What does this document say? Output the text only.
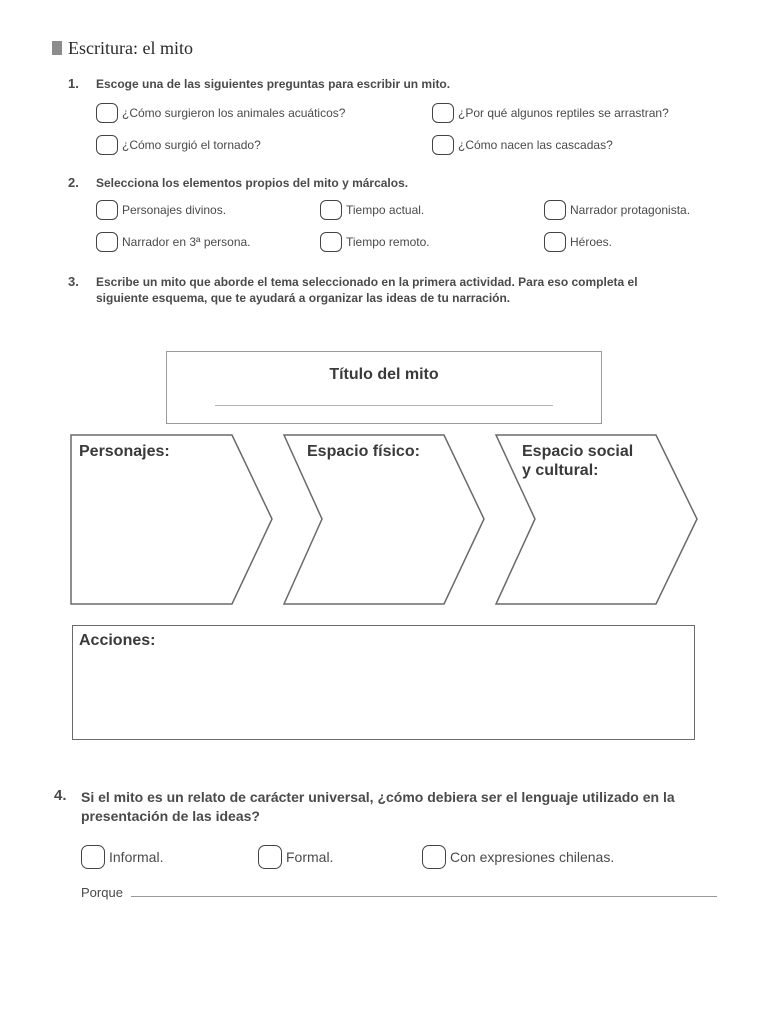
Escritura: el mito
1. Escoge una de las siguientes preguntas para escribir un mito.
¿Cómo surgieron los animales acuáticos?	¿Por qué algunos reptiles se arrastran?
¿Cómo surgió el tornado?	¿Cómo nacen las cascadas?
2. Selecciona los elementos propios del mito y márcalos.
Personajes divinos.	Tiempo actual.	Narrador protagonista.
Narrador en 3ª persona.	Tiempo remoto.	Héroes.
3. Escribe un mito que aborde el tema seleccionado en la primera actividad. Para eso completa el
siguiente esquema, que te ayudará a organizar las ideas de tu narración.
Título del mito
Personajes:	Espacio físico:	Espacio social
y cultural:
Acciones:
4. Si el mito es un relato de carácter universal, ¿cómo debiera ser el lenguaje utilizado en la
presentación de las ideas?
Informal.	Formal.	Con expresiones chilenas.
Porque
